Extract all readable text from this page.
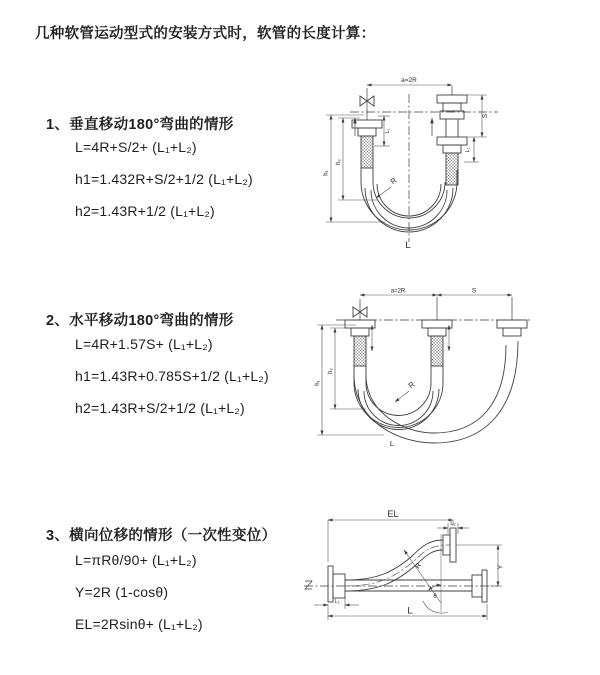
几种软管运动型式的安装方式时，软管的长度计算：
1、垂直移动180°弯曲的情形
L=4R+S/2+ (L₁+L₂)
h1=1.432R+S/2+1/2 (L₁+L₂)
h2=1.43R+1/2 (L₁+L₂)
2、水平移动180°弯曲的情形
L=4R+1.57S+ (L₁+L₂)
h1=1.43R+0.785S+1/2 (L₁+L₂)
h2=1.43R+S/2+1/2 (L₁+L₂)
3、横向位移的情形（一次性变位）
L=πRθ/90+ (L₁+L₂)
Y=2R (1-cosθ)
EL=2Rsinθ+ (L₁+L₂)
a=2R
h₁
h₂
L₁
S
L₁
R
L
a=2R	S
h₁
h₂
R
L
EL
L₂
Y
R
θ
L₁
L
